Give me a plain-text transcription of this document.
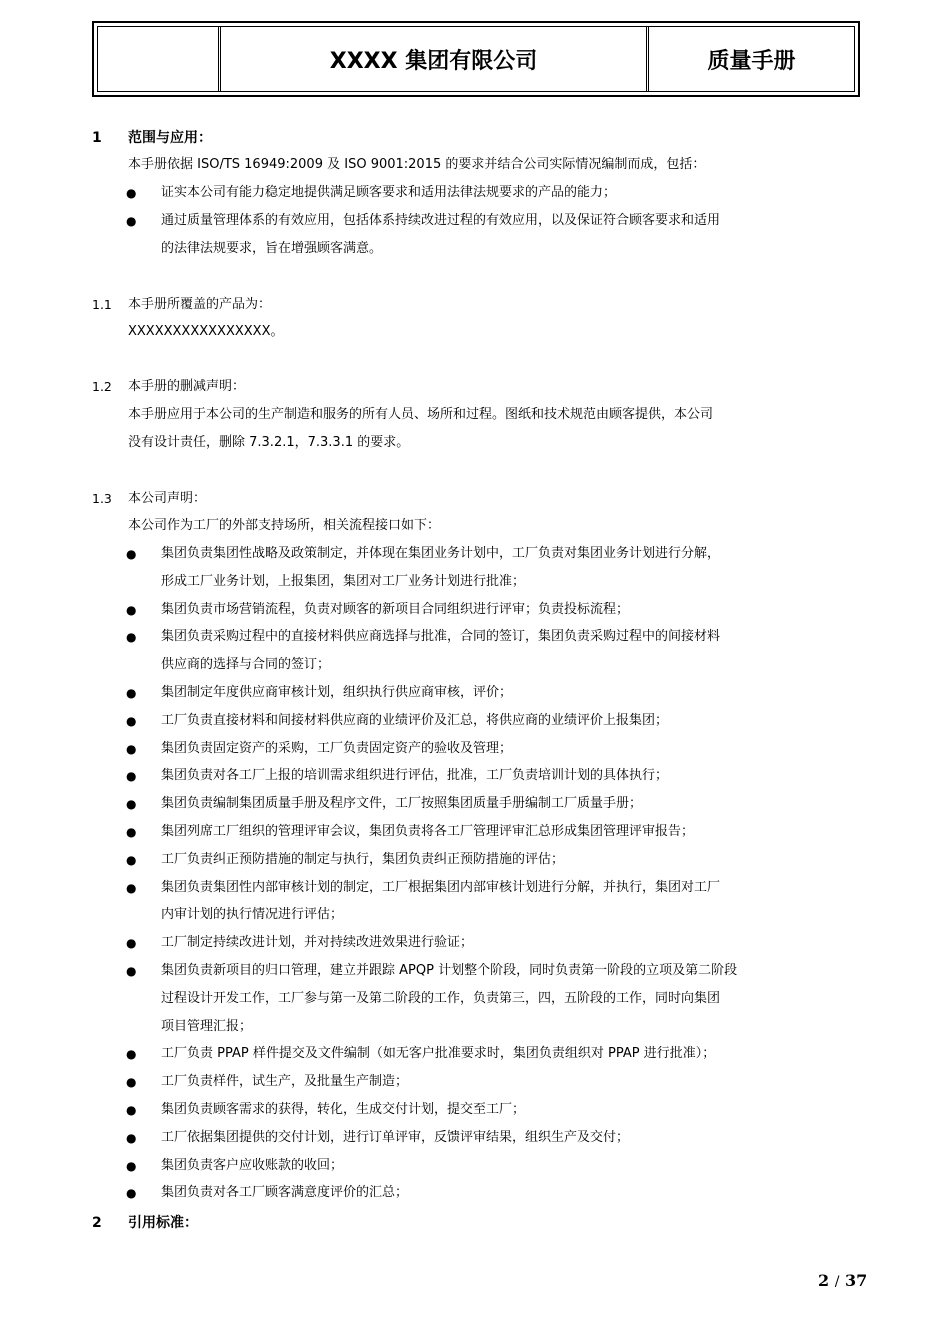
XXXX 集团有限公司	质量手册
1 范围与应用：
本手册依据 ISO/TS 16949:2009 及 ISO 9001:2015 的要求并结合公司实际情况编制而成，包括：
● 证实本公司有能力稳定地提供满足顾客要求和适用法律法规要求的产品的能力；
● 通过质量管理体系的有效应用，包括体系持续改进过程的有效应用，以及保证符合顾客要求和适用
的法律法规要求，旨在增强顾客满意。
1.1 本手册所覆盖的产品为：
XXXXXXXXXXXXXXXX。
1.2 本手册的删减声明：
本手册应用于本公司的生产制造和服务的所有人员、场所和过程。图纸和技术规范由顾客提供，本公司
没有设计责任，删除 7.3.2.1，7.3.3.1 的要求。
1.3 本公司声明：
本公司作为工厂的外部支持场所，相关流程接口如下：
● 集团负责集团性战略及政策制定，并体现在集团业务计划中，工厂负责对集团业务计划进行分解，
形成工厂业务计划，上报集团，集团对工厂业务计划进行批准；
● 集团负责市场营销流程，负责对顾客的新项目合同组织进行评审；负责投标流程；
● 集团负责采购过程中的直接材料供应商选择与批准，合同的签订，集团负责采购过程中的间接材料
供应商的选择与合同的签订；
● 集团制定年度供应商审核计划，组织执行供应商审核，评价；
● 工厂负责直接材料和间接材料供应商的业绩评价及汇总，将供应商的业绩评价上报集团；
● 集团负责固定资产的采购，工厂负责固定资产的验收及管理；
● 集团负责对各工厂上报的培训需求组织进行评估，批准，工厂负责培训计划的具体执行；
● 集团负责编制集团质量手册及程序文件，工厂按照集团质量手册编制工厂质量手册；
● 集团列席工厂组织的管理评审会议，集团负责将各工厂管理评审汇总形成集团管理评审报告；
● 工厂负责纠正预防措施的制定与执行，集团负责纠正预防措施的评估；
● 集团负责集团性内部审核计划的制定，工厂根据集团内部审核计划进行分解，并执行，集团对工厂
内审计划的执行情况进行评估；
● 工厂制定持续改进计划，并对持续改进效果进行验证；
● 集团负责新项目的归口管理，建立并跟踪 APQP 计划整个阶段，同时负责第一阶段的立项及第二阶段
过程设计开发工作，工厂参与第一及第二阶段的工作，负责第三，四，五阶段的工作，同时向集团
项目管理汇报；
● 工厂负责 PPAP 样件提交及文件编制（如无客户批准要求时，集团负责组织对 PPAP 进行批准）；
● 工厂负责样件，试生产，及批量生产制造；
● 集团负责顾客需求的获得，转化，生成交付计划，提交至工厂；
● 工厂依据集团提供的交付计划，进行订单评审，反馈评审结果，组织生产及交付；
● 集团负责客户应收账款的收回；
● 集团负责对各工厂顾客满意度评价的汇总；
2 引用标准：
2 / 37
